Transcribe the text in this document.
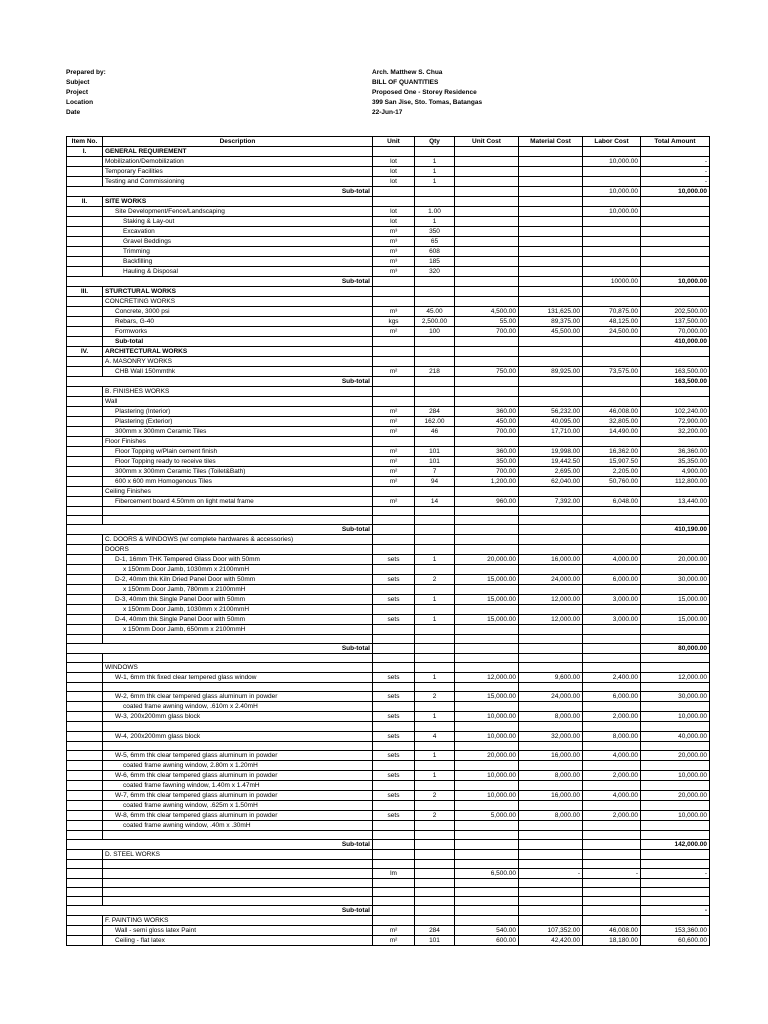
Prepared by:	Arch. Matthew S. Chua
Subject	BILL OF QUANTITIES
Project	Proposed One - Storey Residence
Location	399 San Jise, Sto. Tomas, Batangas
Date	22-Jun-17
Item No.	Description	Unit	Qty	Unit Cost	Material Cost	Labor Cost	Total Amount
I.	GENERAL REQUIREMENT						
	Mobilization/Demobilization	lot	1			10,000.00	-
	Temporary Facilities	lot	1				-
	Testing and Commissioning	lot	1				-
Sub-total						10,000.00	10,000.00
II.	SITE WORKS						
	Site Development/Fence/Landscaping	lot	1.00			10,000.00	
	Staking & Lay-out	lot	1				
	Excavation	m³	350				
	Gravel Beddings	m³	65				
	Trimming	m³	608				
	Backfilling	m³	185				
	Hauling & Disposal	m³	320				
Sub-total						10000.00	10,000.00
III.	STURCTURAL WORKS						
	CONCRETING WORKS						
	Concrete, 3000 psi	m³	45.00	4,500.00	131,625.00	70,875.00	202,500.00
	Rebars, G-40	kgs	2,500.00	55.00	89,375.00	48,125.00	137,500.00
	Formworks	m²	100	700.00	45,500.00	24,500.00	70,000.00
	Sub-total						410,000.00
IV.	ARCHITECTURAL WORKS						
	A. MASONRY WORKS						
	CHB Wall 150mmthk	m²	218	750.00	89,925.00	73,575.00	163,500.00
Sub-total							163,500.00
	B. FINISHES WORKS						
	Wall						
	Plastering (Interior)	m²	284	360.00	56,232.00	46,008.00	102,240.00
	Plastering (Exterior)	m²	162.00	450.00	40,095.00	32,805.00	72,900.00
	300mm x 300mm Ceramic Tiles	m²	46	700.00	17,710.00	14,490.00	32,200.00
	Floor Finishes						
	Floor Topping w/Plain cement finish	m²	101	360.00	19,998.00	16,362.00	36,360.00
	Floor Topping ready to receive tiles	m²	101	350.00	19,442.50	15,907.50	35,350.00
	300mm x 300mm Ceramic Tiles (Toilet&Bath)	m²	7	700.00	2,695.00	2,205.00	4,900.00
	600 x 600 mm Homogenous Tiles	m²	94	1,200.00	62,040.00	50,760.00	112,800.00
	Ceiling Finishes						
	Fibercement board 4.50mm on light metal frame	m²	14	960.00	7,392.00	6,048.00	13,440.00

Sub-total							410,190.00
	C. DOORS & WINDOWS (w/ complete hardwares & accessories)						
	DOORS						
	D-1, 16mm THK Tempered Glass Door with 50mm	sets	1	20,000.00	16,000.00	4,000.00	20,000.00
	x 150mm Door Jamb, 1030mm x 2100mmH						
	D-2, 40mm thk Kiln Dried Panel Door with 50mm	sets	2	15,000.00	24,000.00	6,000.00	30,000.00
	x 150mm Door Jamb, 780mm x 2100mmH						
	D-3, 40mm thk Single Panel Door with 50mm	sets	1	15,000.00	12,000.00	3,000.00	15,000.00
	x 150mm Door Jamb, 1030mm x 2100mmH						
	D-4, 40mm thk Single Panel Door with 50mm	sets	1	15,000.00	12,000.00	3,000.00	15,000.00
	x 150mm Door Jamb, 650mm x 2100mmH						

Sub-total							80,000.00

	WINDOWS						
	W-1, 6mm thk fixed clear tempered glass window	sets	1	12,000.00	9,600.00	2,400.00	12,000.00

	W-2, 6mm thk clear tempered glass aluminum in powder	sets	2	15,000.00	24,000.00	6,000.00	30,000.00
	coated frame awning window, .610m x 2.40mH						
	W-3, 200x200mm glass block	sets	1	10,000.00	8,000.00	2,000.00	10,000.00

	W-4, 200x200mm glass block	sets	4	10,000.00	32,000.00	8,000.00	40,000.00

	W-5, 6mm thk clear tempered glass aluminum in powder	sets	1	20,000.00	16,000.00	4,000.00	20,000.00
	coated frame awning window, 2.80m x 1.20mH						
	W-6, 6mm thk clear tempered glass aluminum in powder	sets	1	10,000.00	8,000.00	2,000.00	10,000.00
	coated frame fawning window, 1.40m x 1.47mH						
	W-7, 6mm thk clear tempered glass aluminum in powder	sets	2	10,000.00	16,000.00	4,000.00	20,000.00
	coated frame awning window, .625m x 1.50mH						
	W-8, 6mm thk clear tempered glass aluminum in powder	sets	2	5,000.00	8,000.00	2,000.00	10,000.00
	coated frame awning window, .40m x .30mH						

Sub-total							142,000.00
	D. STEEL WORKS						

		lm		6,500.00	-	-	-

Sub-total							-
	F. PAINTING WORKS						
	Wall - semi gloss latex Paint	m²	284	540.00	107,352.00	46,008.00	153,360.00
	Ceiling - flat latex	m²	101	600.00	42,420.00	18,180.00	60,600.00
